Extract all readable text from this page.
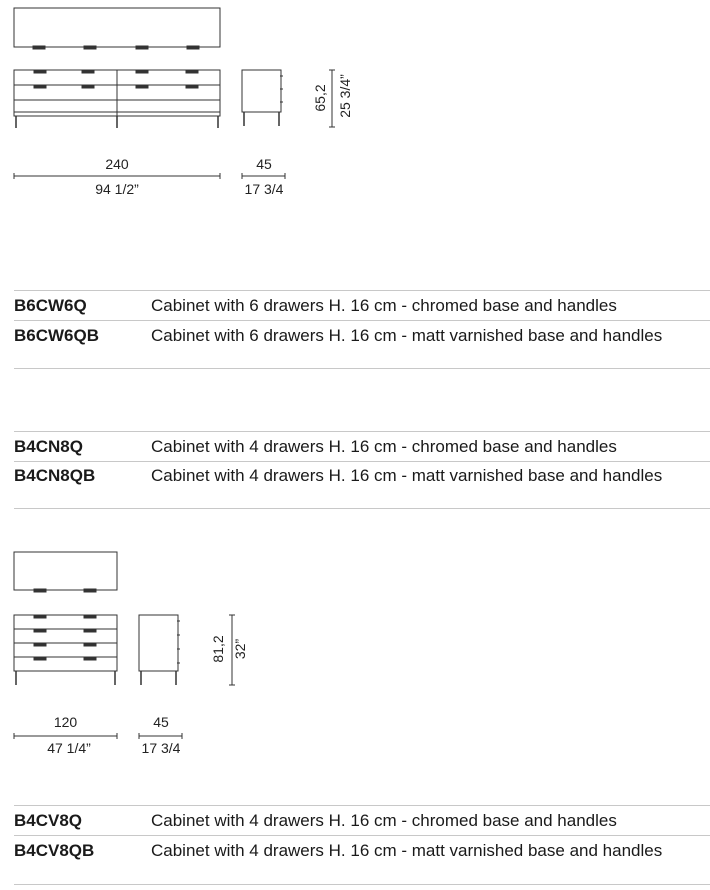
240
94 1/2”
45
17 3/4
65,2 25 3/4”
B6CW6Q	Cabinet with 6 drawers H. 16 cm - chromed base and handles
B6CW6QB	Cabinet with 6 drawers H. 16 cm - matt varnished base and handles
B4CN8Q	Cabinet with 4 drawers H. 16 cm - chromed base and handles
B4CN8QB	Cabinet with 4 drawers H. 16 cm - matt varnished base and handles
120
47 1/4”
45
17 3/4
81,2 32”
B4CV8Q	Cabinet with 4 drawers H. 16 cm - chromed base and handles
B4CV8QB	Cabinet with 4 drawers H. 16 cm - matt varnished base and handles
